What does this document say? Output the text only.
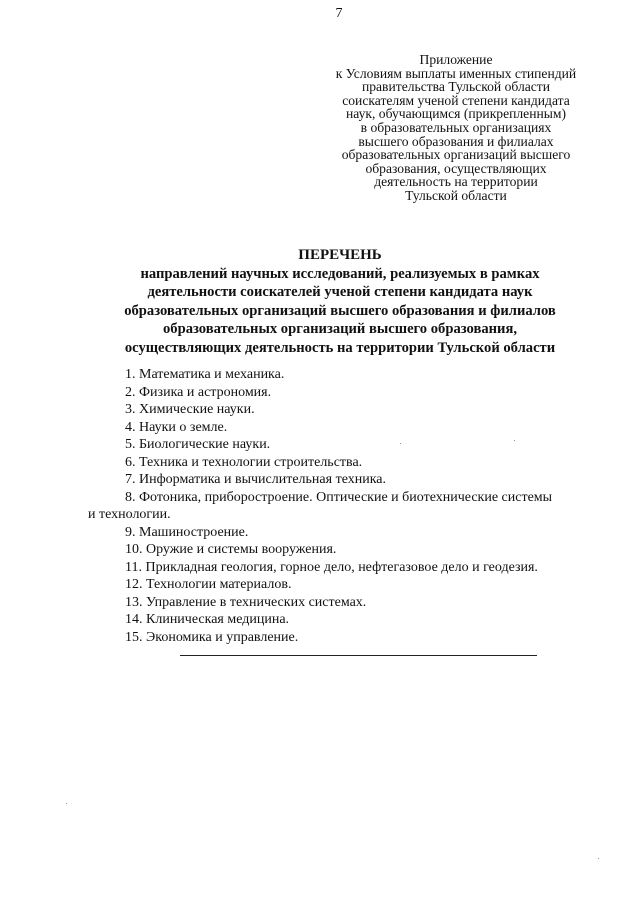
7
Приложение
к Условиям выплаты именных стипендий
правительства Тульской области
соискателям ученой степени кандидата
наук, обучающимся (прикрепленным)
в образовательных организациях
высшего образования и филиалах
образовательных организаций высшего
образования, осуществляющих
деятельность на территории
Тульской области
ПЕРЕЧЕНЬ
направлений научных исследований, реализуемых в рамках
деятельности соискателей ученой степени кандидата наук
образовательных организаций высшего образования и филиалов
образовательных организаций высшего образования,
осуществляющих деятельность на территории Тульской области
1. Математика и механика.
2. Физика и астрономия.
3. Химические науки.
4. Науки о земле.
5. Биологические науки.
6. Техника и технологии строительства.
7. Информатика и вычислительная техника.
8. Фотоника, приборостроение. Оптические и биотехнические системы
и технологии.
9. Машиностроение.
10. Оружие и системы вооружения.
11. Прикладная геология, горное дело, нефтегазовое дело и геодезия.
12. Технологии материалов.
13. Управление в технических системах.
14. Клиническая медицина.
15. Экономика и управление.
